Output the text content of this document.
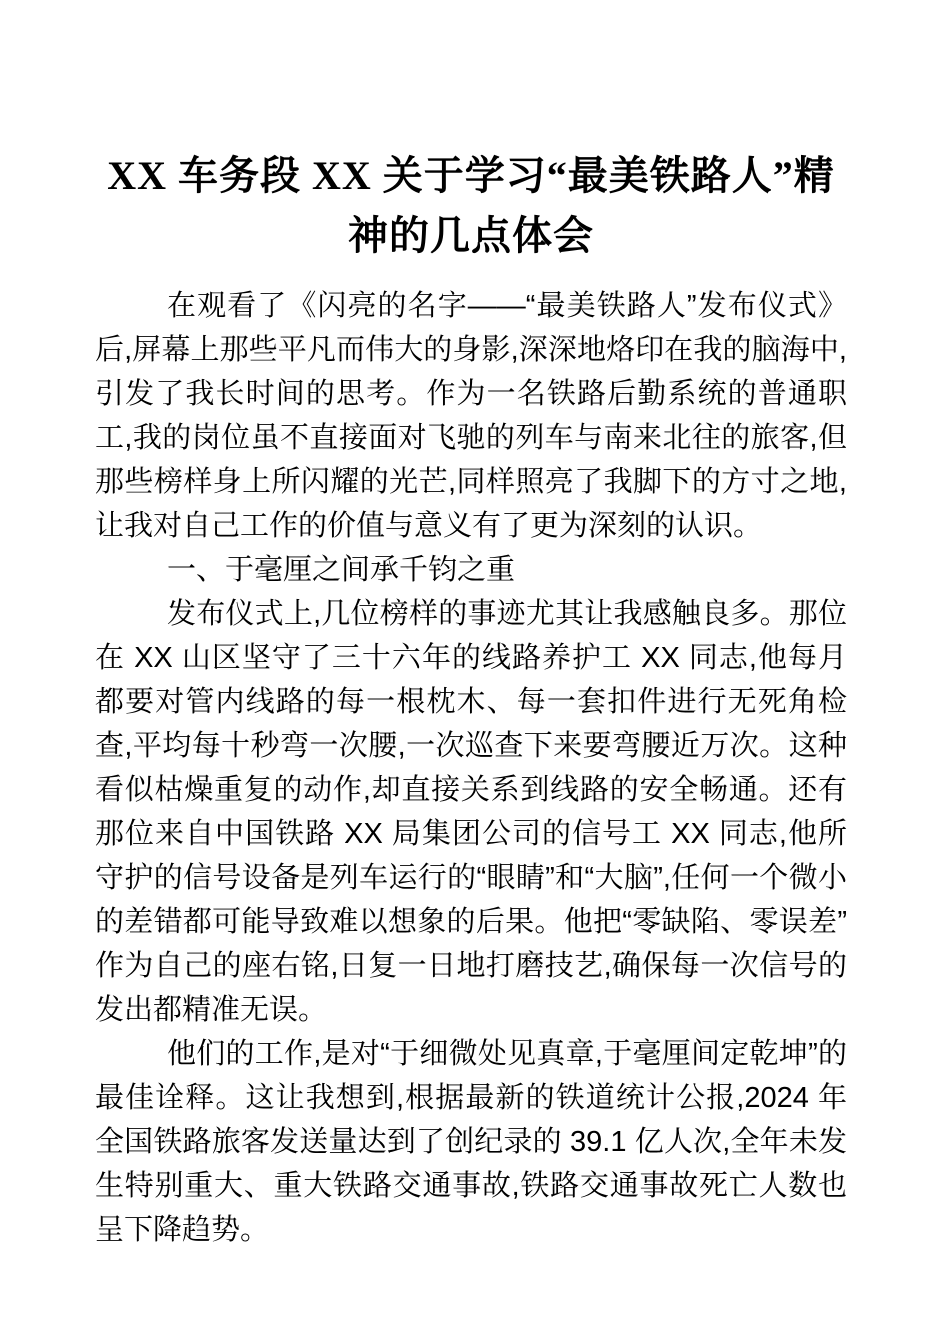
XX 车务段 XX 关于学习“最美铁路人”精神的几点体会

在观看了《闪亮的名字——“最美铁路人”发布仪式》后,屏幕上那些平凡而伟大的身影,深深地烙印在我的脑海中,引发了我长时间的思考。作为一名铁路后勤系统的普通职工,我的岗位虽不直接面对飞驰的列车与南来北往的旅客,但那些榜样身上所闪耀的光芒,同样照亮了我脚下的方寸之地,让我对自己工作的价值与意义有了更为深刻的认识。

一、于毫厘之间承千钧之重

发布仪式上,几位榜样的事迹尤其让我感触良多。那位在 XX 山区坚守了三十六年的线路养护工 XX 同志,他每月都要对管内线路的每一根枕木、每一套扣件进行无死角检查,平均每十秒弯一次腰,一次巡查下来要弯腰近万次。这种看似枯燥重复的动作,却直接关系到线路的安全畅通。还有那位来自中国铁路 XX 局集团公司的信号工 XX 同志,他所守护的信号设备是列车运行的“眼睛”和“大脑”,任何一个微小的差错都可能导致难以想象的后果。他把“零缺陷、零误差”作为自己的座右铭,日复一日地打磨技艺,确保每一次信号的发出都精准无误。

他们的工作,是对“于细微处见真章,于毫厘间定乾坤”的最佳诠释。这让我想到,根据最新的铁道统计公报,2024 年全国铁路旅客发送量达到了创纪录的 39.1 亿人次,全年未发生特别重大、重大铁路交通事故,铁路交通事故死亡人数也呈下降趋势。
